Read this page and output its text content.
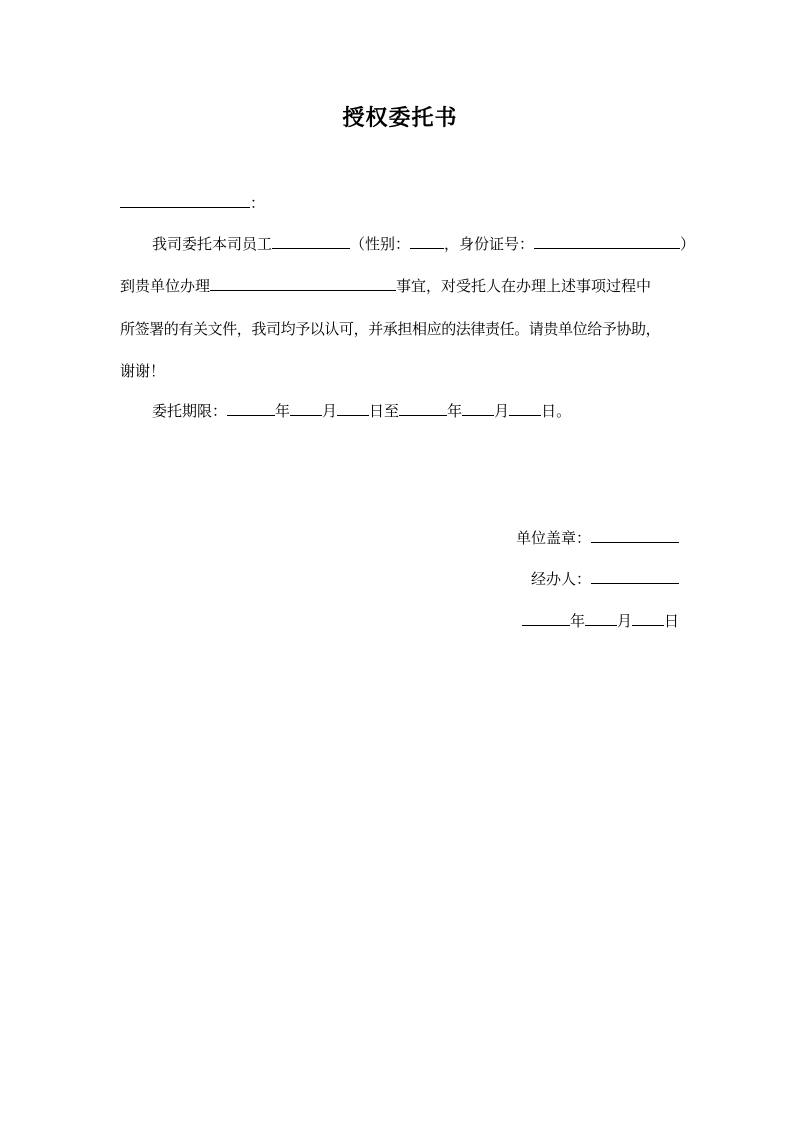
授权委托书
：
我司委托本司员工	（性别： ，身份证号：	）
到贵单位办理	事宜，对受托人在办理上述事项过程中
所签署的有关文件，我司均予以认可，并承担相应的法律责任。请贵单位给予协助，
谢谢！
委托期限：	年 月 日至	年 月 日。
单位盖章：
经办人：
年 月 日
